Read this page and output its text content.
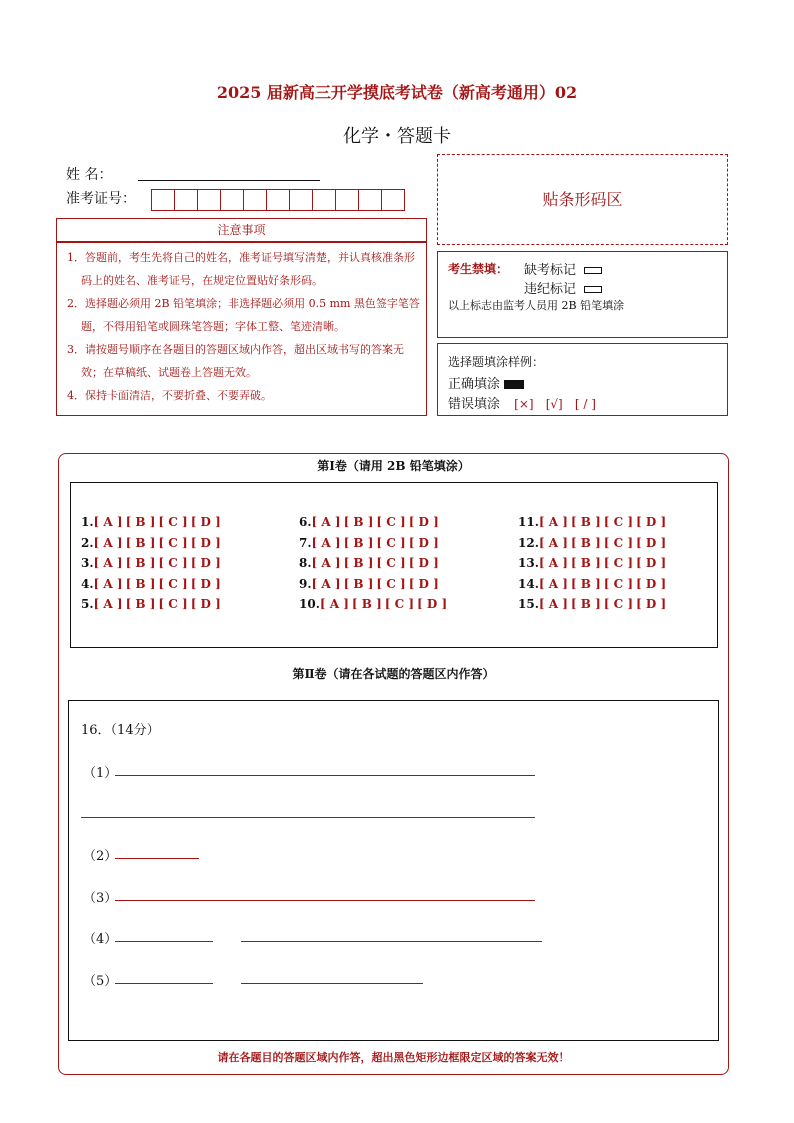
2025 届新高三开学摸底考试卷（新高考通用）02
化学・答题卡
姓 名：
准考证号：	贴条形码区
注意事项
1．答题前，考生先将自己的姓名，准考证号填写清楚，并认真核准条形码上的姓名、准考证号，在规定位置贴好条形码。
2．选择题必须用 2B 铅笔填涂；非选择题必须用 0.5 mm 黑色签字笔答题，不得用铅笔或圆珠笔答题；字体工整、笔迹清晰。
3．请按题号顺序在各题目的答题区域内作答，超出区域书写的答案无效；在草稿纸、试题卷上答题无效。
4．保持卡面清洁，不要折叠、不要弄破。
考生禁填： 缺考标记
违纪标记
以上标志由监考人员用 2B 铅笔填涂
选择题填涂样例：
正确填涂
错误填涂 [×] [√] [ / ]
第Ⅰ卷（请用 2B 铅笔填涂）
1.[ A ] [ B ] [ C ] [ D ]
2.[ A ] [ B ] [ C ] [ D ]
3.[ A ] [ B ] [ C ] [ D ]
4.[ A ] [ B ] [ C ] [ D ]
5.[ A ] [ B ] [ C ] [ D ]
6.[ A ] [ B ] [ C ] [ D ]
7.[ A ] [ B ] [ C ] [ D ]
8.[ A ] [ B ] [ C ] [ D ]
9.[ A ] [ B ] [ C ] [ D ]
10.[ A ] [ B ] [ C ] [ D ]
11.[ A ] [ B ] [ C ] [ D ]
12.[ A ] [ B ] [ C ] [ D ]
13.[ A ] [ B ] [ C ] [ D ]
14.[ A ] [ B ] [ C ] [ D ]
15.[ A ] [ B ] [ C ] [ D ]
第Ⅱ卷（请在各试题的答题区内作答）
16．（14分）
（1）
（2）
（3）
（4）
（5）
请在各题目的答题区域内作答，超出黑色矩形边框限定区域的答案无效！
